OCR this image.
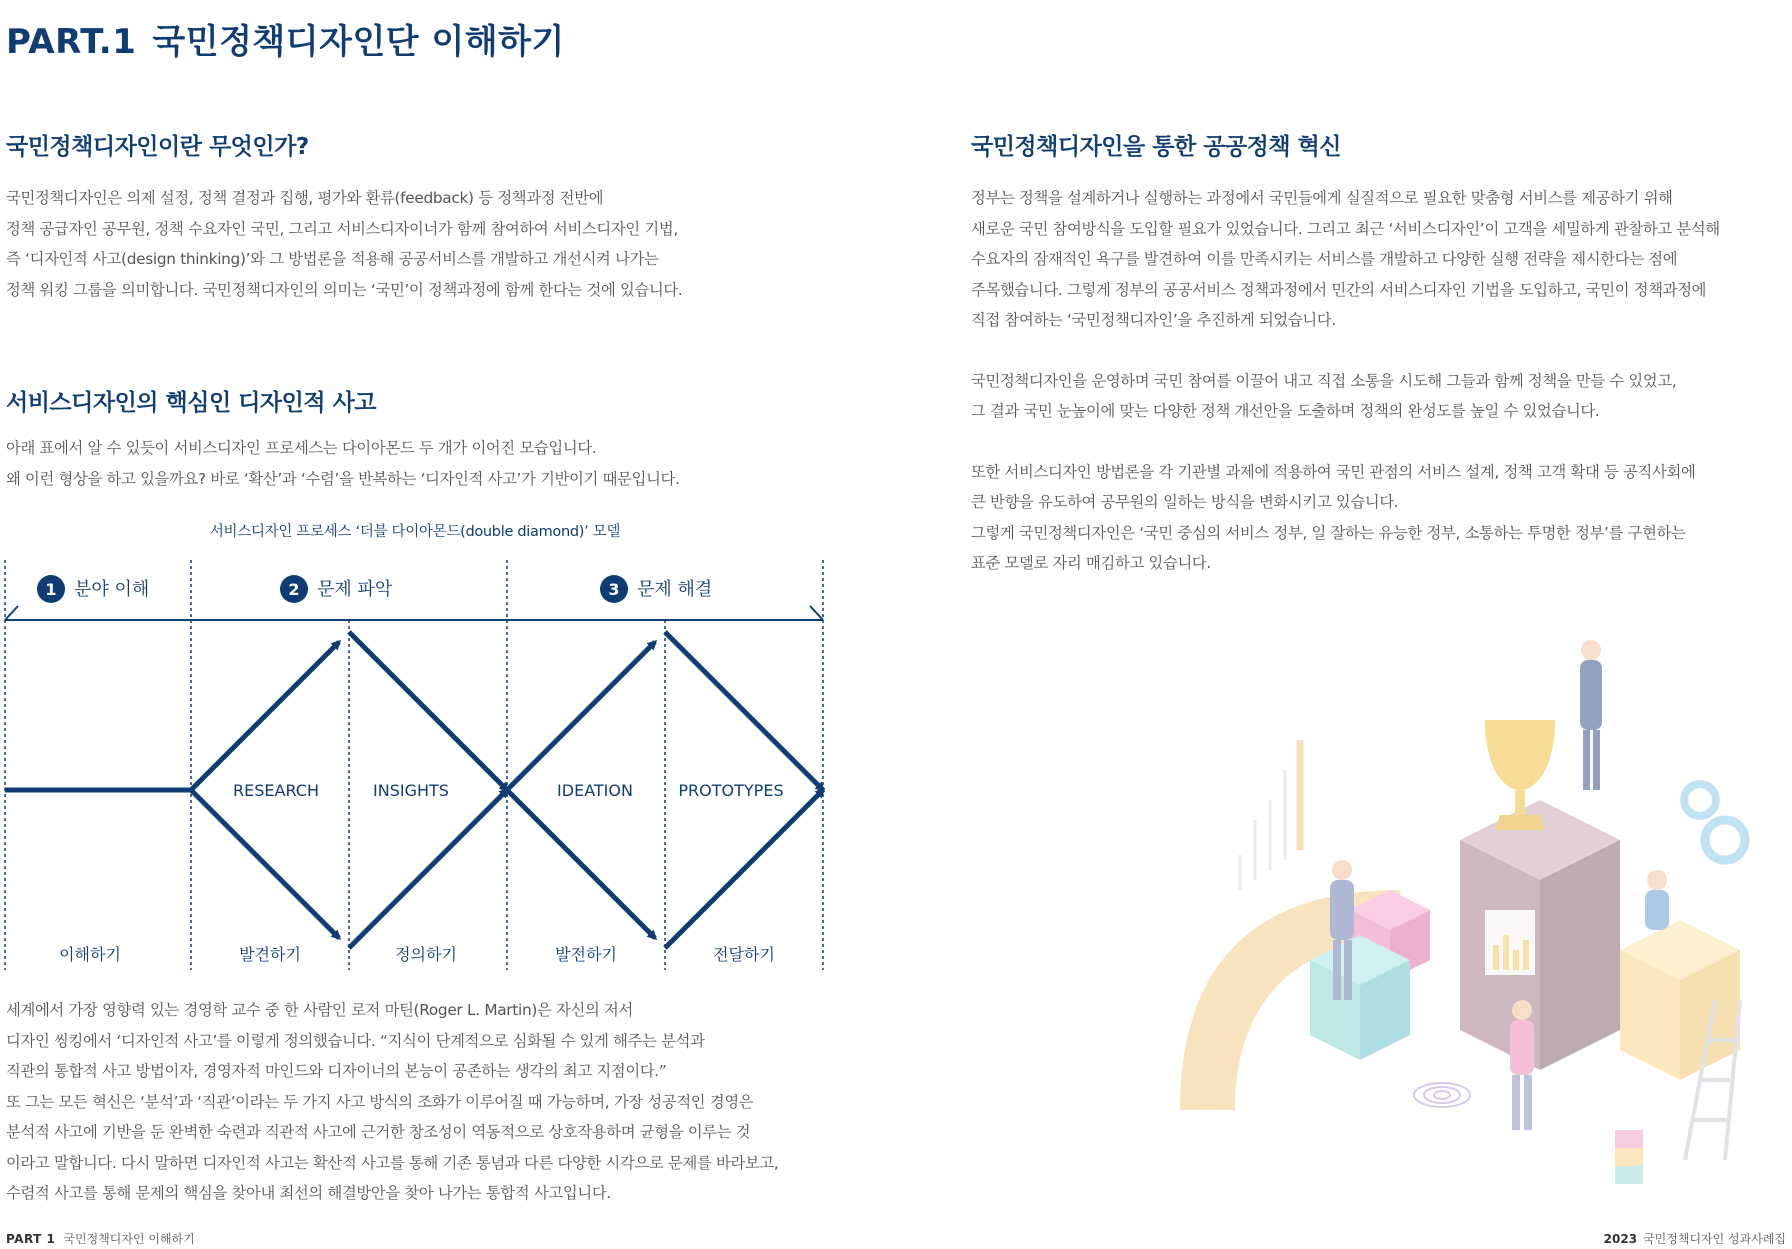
PART.1 국민정책디자인단 이해하기
국민정책디자인이란 무엇인가?
국민정책디자인은 의제 설정, 정책 결정과 집행, 평가와 환류(feedback) 등 정책과정 전반에
정책 공급자인 공무원, 정책 수요자인 국민, 그리고 서비스디자이너가 함께 참여하여 서비스디자인 기법,
즉 ‘디자인적 사고(design thinking)’와 그 방법론을 적용해 공공서비스를 개발하고 개선시켜 나가는
정책 워킹 그룹을 의미합니다. 국민정책디자인의 의미는 ‘국민’이 정책과정에 함께 한다는 것에 있습니다.
서비스디자인의 핵심인 디자인적 사고
아래 표에서 알 수 있듯이 서비스디자인 프로세스는 다이아몬드 두 개가 이어진 모습입니다.
왜 이런 형상을 하고 있을까요? 바로 ‘확산’과 ‘수렴’을 반복하는 ‘디자인적 사고’가 기반이기 때문입니다.
서비스디자인 프로세스 ‘더블 다이아몬드(double diamond)’ 모델
1 분야 이해	2 문제 파악	3 문제 해결
RESEARCH	INSIGHTS	IDEATION	PROTOTYPES
이해하기	발견하기	정의하기	발전하기	전달하기
세계에서 가장 영향력 있는 경영학 교수 중 한 사람인 로저 마틴(Roger L. Martin)은 자신의 저서
디자인 씽킹에서 ‘디자인적 사고’를 이렇게 정의했습니다. “지식이 단계적으로 심화될 수 있게 해주는 분석과
직관의 통합적 사고 방법이자, 경영자적 마인드와 디자이너의 본능이 공존하는 생각의 최고 지점이다.”
또 그는 모든 혁신은 ‘분석’과 ‘직관’이라는 두 가지 사고 방식의 조화가 이루어질 때 가능하며, 가장 성공적인 경영은
분석적 사고에 기반을 둔 완벽한 숙련과 직관적 사고에 근거한 창조성이 역동적으로 상호작용하며 균형을 이루는 것
이라고 말합니다. 다시 말하면 디자인적 사고는 확산적 사고를 통해 기존 통념과 다른 다양한 시각으로 문제를 바라보고,
수렴적 사고를 통해 문제의 핵심을 찾아내 최선의 해결방안을 찾아 나가는 통합적 사고입니다.
국민정책디자인을 통한 공공정책 혁신
정부는 정책을 설계하거나 실행하는 과정에서 국민들에게 실질적으로 필요한 맞춤형 서비스를 제공하기 위해
새로운 국민 참여방식을 도입할 필요가 있었습니다. 그리고 최근 ‘서비스디자인’이 고객을 세밀하게 관찰하고 분석해
수요자의 잠재적인 욕구를 발견하여 이를 만족시키는 서비스를 개발하고 다양한 실행 전략을 제시한다는 점에
주목했습니다. 그렇게 정부의 공공서비스 정책과정에서 민간의 서비스디자인 기법을 도입하고, 국민이 정책과정에
직접 참여하는 ‘국민정책디자인’을 추진하게 되었습니다.
국민정책디자인을 운영하며 국민 참여를 이끌어 내고 직접 소통을 시도해 그들과 함께 정책을 만들 수 있었고,
그 결과 국민 눈높이에 맞는 다양한 정책 개선안을 도출하며 정책의 완성도를 높일 수 있었습니다.
또한 서비스디자인 방법론을 각 기관별 과제에 적용하여 국민 관점의 서비스 설계, 정책 고객 확대 등 공직사회에
큰 반향을 유도하여 공무원의 일하는 방식을 변화시키고 있습니다.
그렇게 국민정책디자인은 ‘국민 중심의 서비스 정부, 일 잘하는 유능한 정부, 소통하는 투명한 정부’를 구현하는
표준 모델로 자리 매김하고 있습니다.
PART 1 국민정책디자인 이해하기	2023 국민정책디자인 성과사례집
